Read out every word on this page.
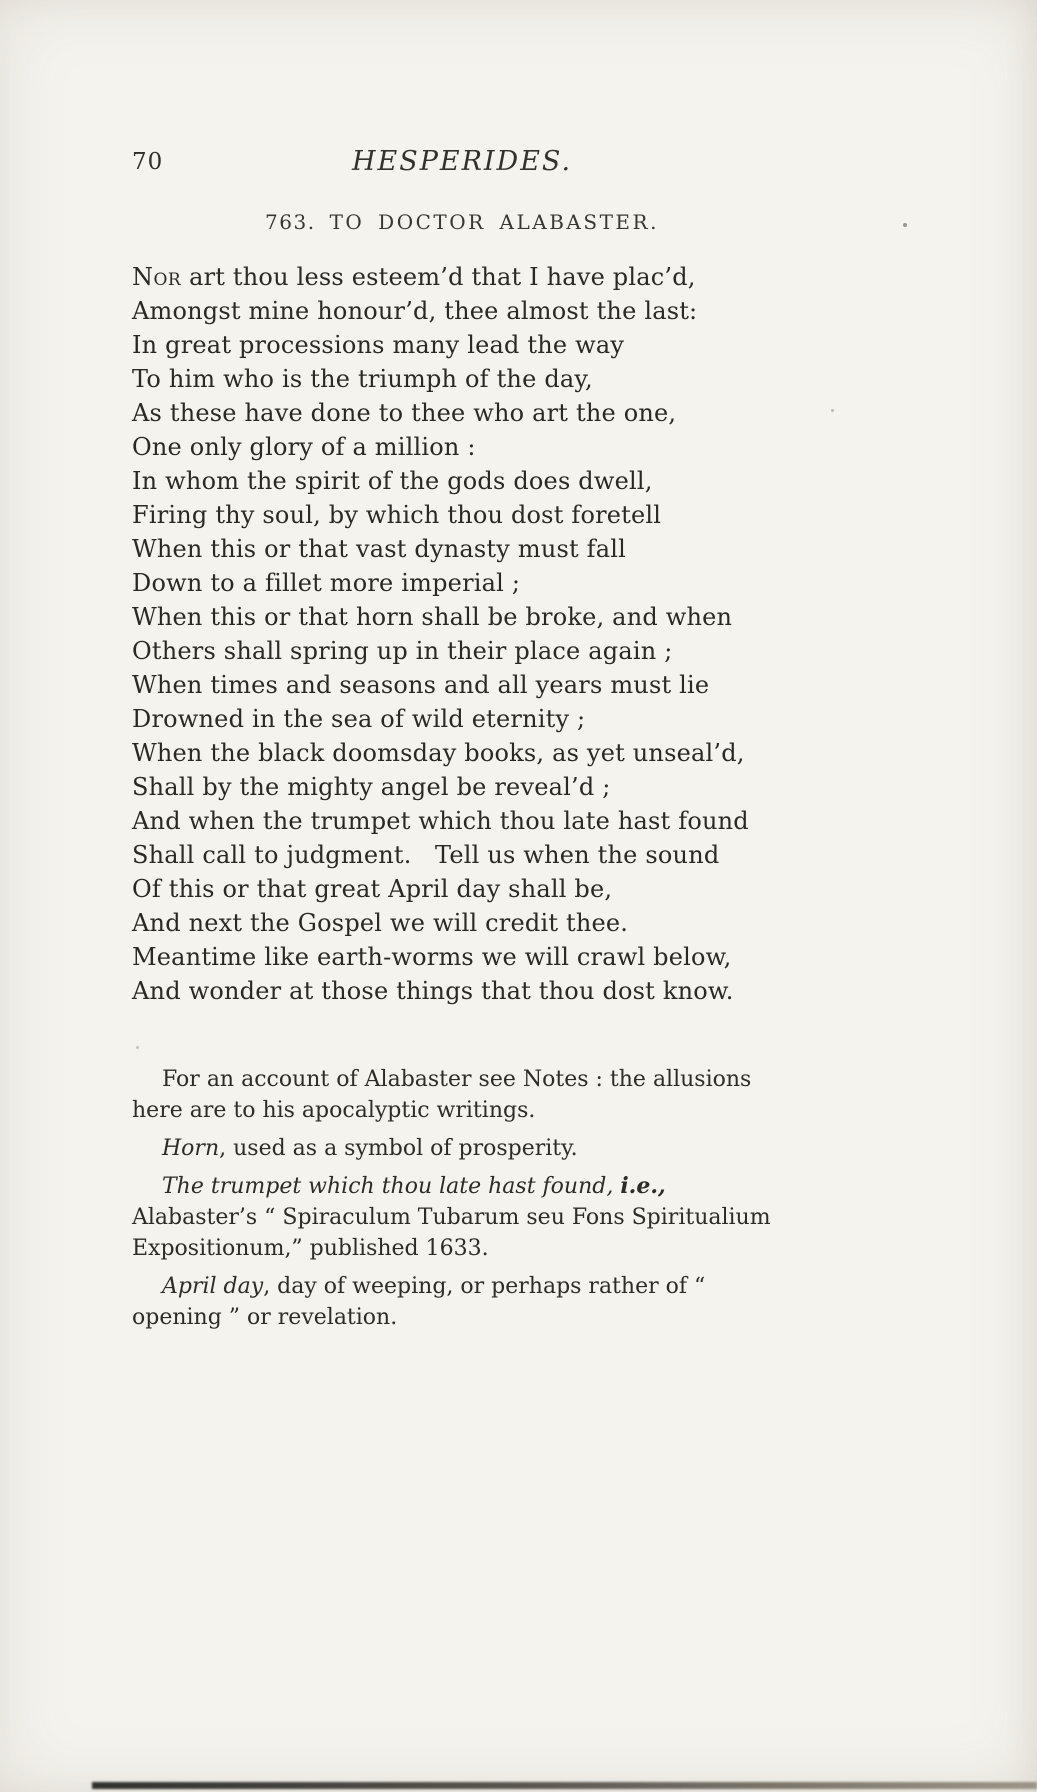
70	HESPERIDES.
763. TO DOCTOR ALABASTER.
Nor art thou less esteem’d that I have plac’d,
Amongst mine honour’d, thee almost the last:
In great processions many lead the way
To him who is the triumph of the day,
As these have done to thee who art the one,
One only glory of a million :
In whom the spirit of the gods does dwell,
Firing thy soul, by which thou dost foretell
When this or that vast dynasty must fall
Down to a fillet more imperial ;
When this or that horn shall be broke, and when
Others shall spring up in their place again ;
When times and seasons and all years must lie
Drowned in the sea of wild eternity ;
When the black doomsday books, as yet unseal’d,
Shall by the mighty angel be reveal’d ;
And when the trumpet which thou late hast found
Shall call to judgment.   Tell us when the sound
Of this or that great April day shall be,
And next the Gospel we will credit thee.
Meantime like earth-worms we will crawl below,
And wonder at those things that thou dost know.

For an account of Alabaster see Notes : the allusions here are to his apocalyptic writings.

Horn, used as a symbol of prosperity.

The trumpet which thou late hast found, i.e., Alabaster’s “ Spiraculum Tubarum seu Fons Spiritualium Expositionum,” published 1633.

April day, day of weeping, or perhaps rather of “ opening ” or revelation.
